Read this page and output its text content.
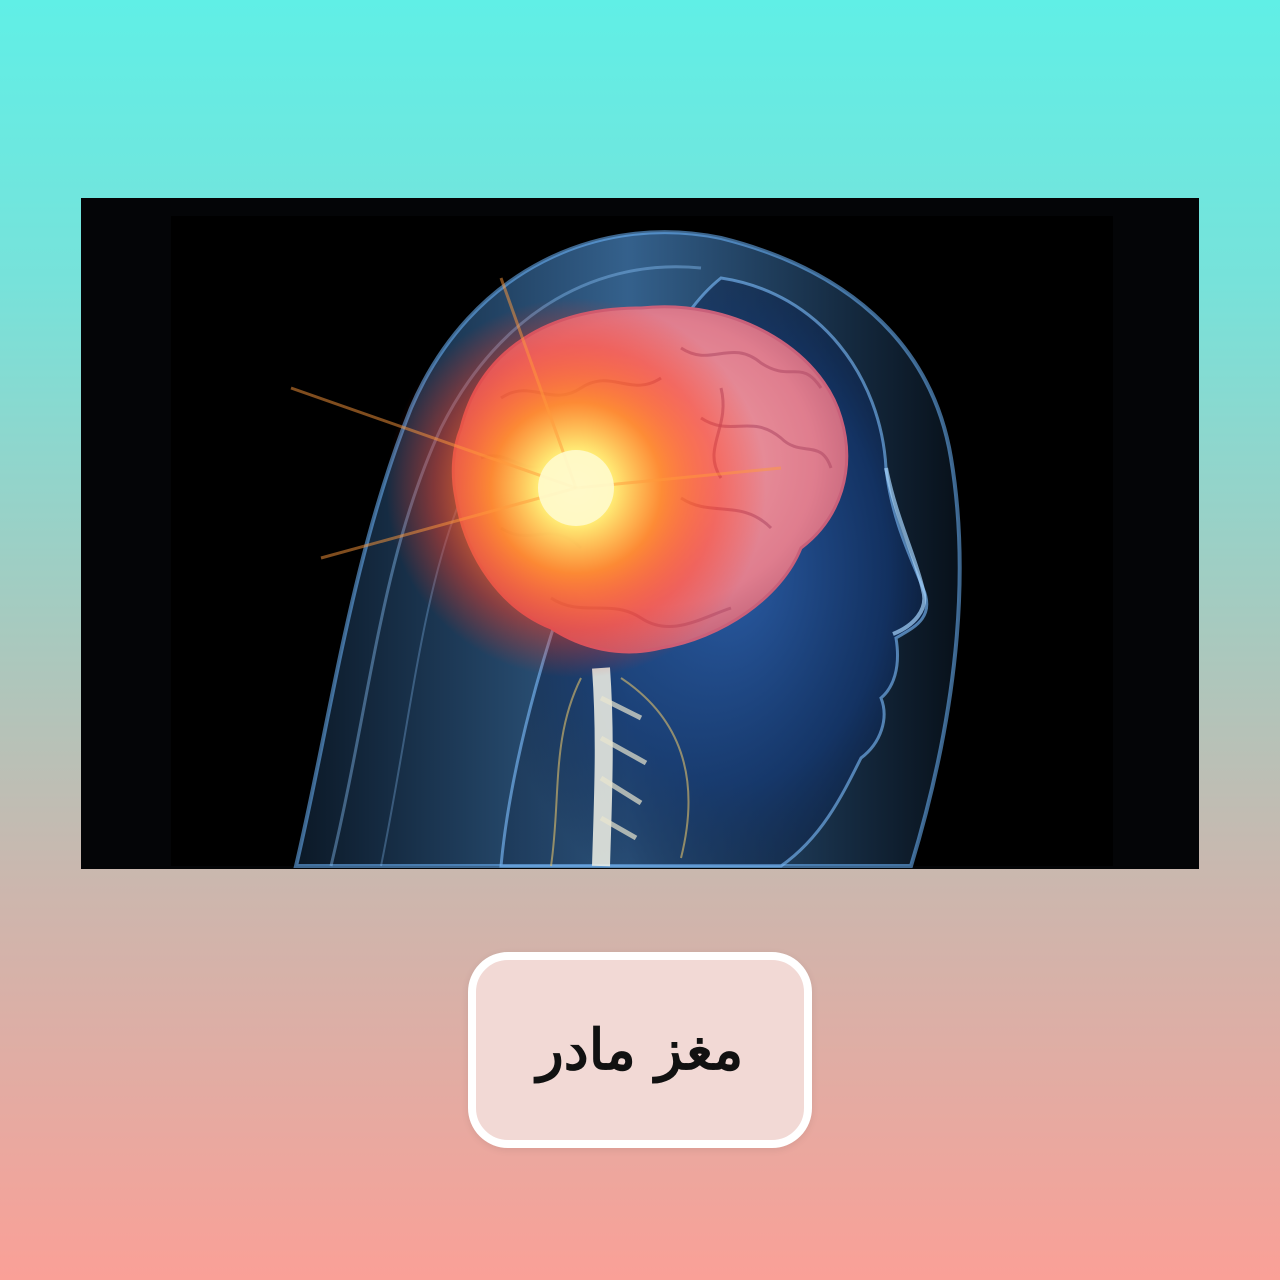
مغز مادر
